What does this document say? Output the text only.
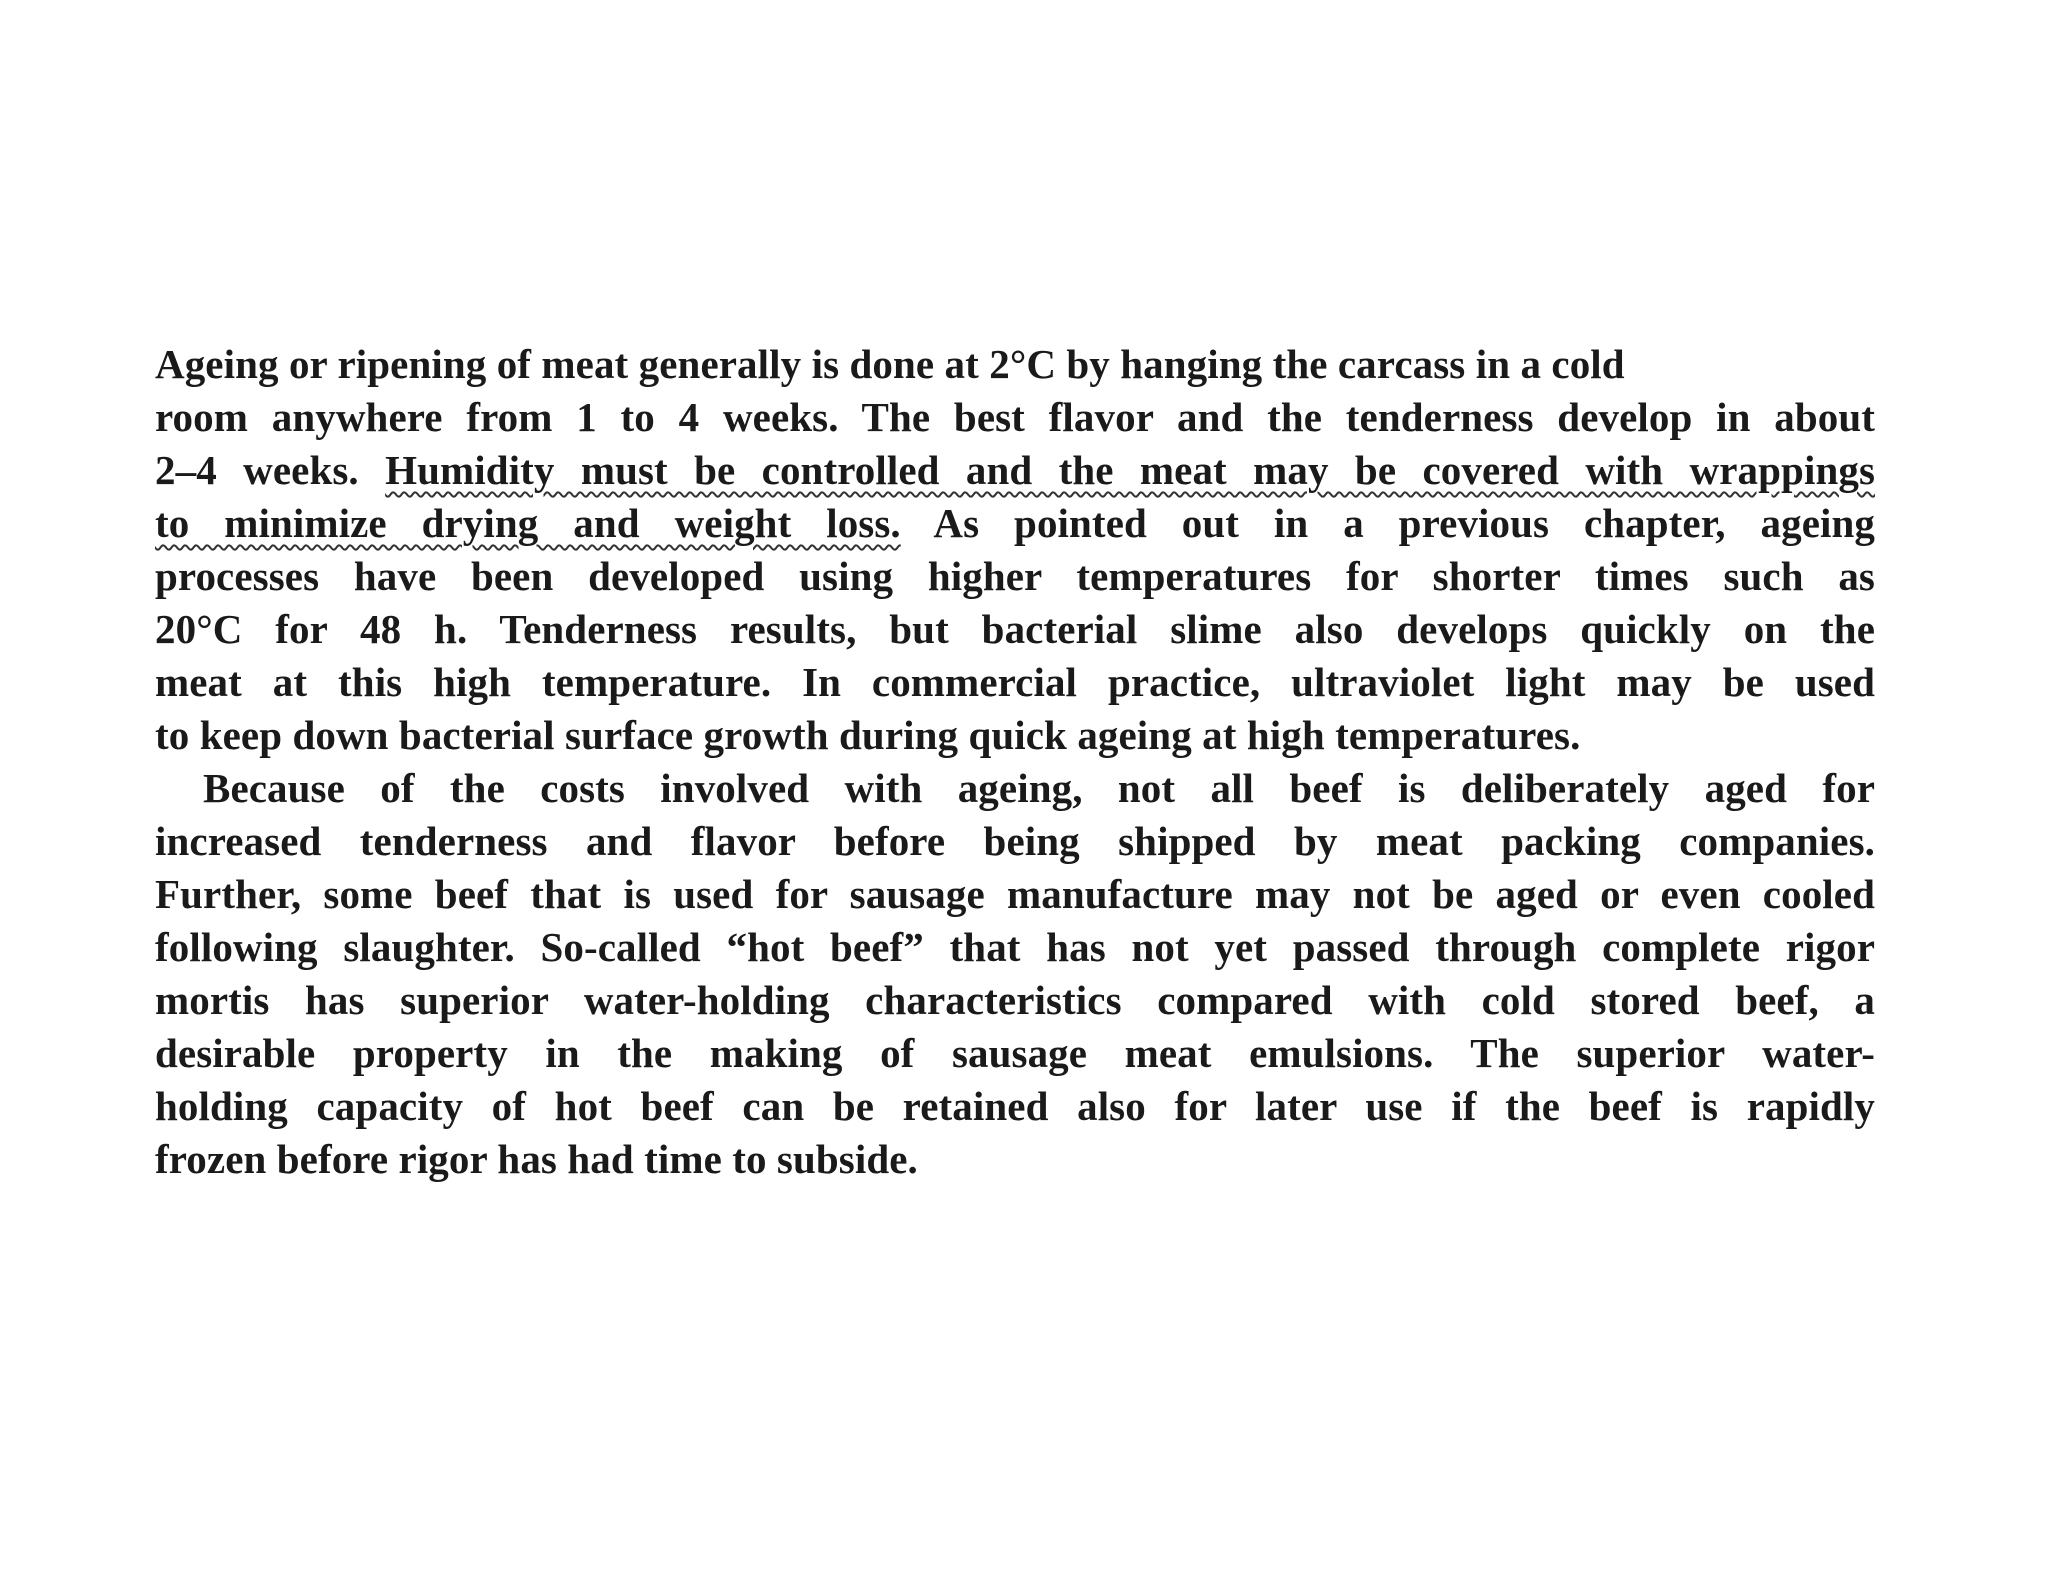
Ageing or ripening of meat generally is done at 2°C by hanging the carcass in a cold
room anywhere from 1 to 4 weeks. The best flavor and the tenderness develop in about
2–4 weeks. Humidity must be controlled and the meat may be covered with wrappings
to minimize drying and weight loss. As pointed out in a previous chapter, ageing
processes have been developed using higher temperatures for shorter times such as
20°C for 48 h. Tenderness results, but bacterial slime also develops quickly on the
meat at this high temperature. In commercial practice, ultraviolet light may be used
to keep down bacterial surface growth during quick ageing at high temperatures.
Because of the costs involved with ageing, not all beef is deliberately aged for
increased tenderness and flavor before being shipped by meat packing companies.
Further, some beef that is used for sausage manufacture may not be aged or even cooled
following slaughter. So-called “hot beef” that has not yet passed through complete rigor
mortis has superior water-holding characteristics compared with cold stored beef, a
desirable property in the making of sausage meat emulsions. The superior water-
holding capacity of hot beef can be retained also for later use if the beef is rapidly
frozen before rigor has had time to subside.
